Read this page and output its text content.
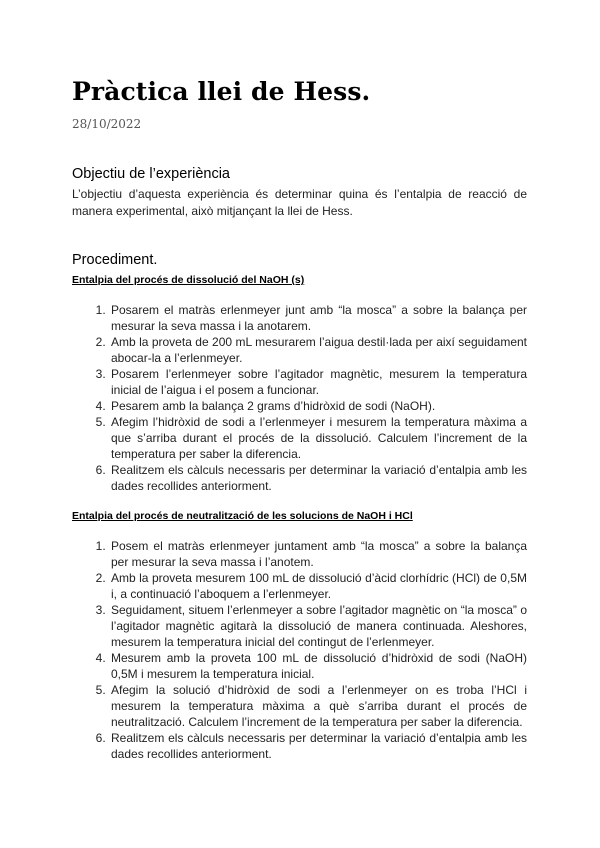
Pràctica llei de Hess.
28/10/2022
Objectiu de l’experiència

L’objectiu d’aquesta experiència és determinar quina és l’entalpia de reacció de manera experimental, això mitjançant la llei de Hess.

Procediment.
Entalpia del procés de dissolució del NaOH (s)
1. Posarem el matràs erlenmeyer junt amb “la mosca” a sobre la balança per mesurar la seva massa i la anotarem.
2. Amb la proveta de 200 mL mesurarem l’aigua destil·lada per així seguidament abocar-la a l’erlenmeyer.
3. Posarem l’erlenmeyer sobre l’agitador magnètic, mesurem la temperatura inicial de l’aigua i el posem a funcionar.
4. Pesarem amb la balança 2 grams d’hidròxid de sodi (NaOH).
5. Afegim l’hidròxid de sodi a l’erlenmeyer i mesurem la temperatura màxima a que s’arriba durant el procés de la dissolució. Calculem l’increment de la temperatura per saber la diferencia.
6. Realitzem els càlculs necessaris per determinar la variació d’entalpia amb les dades recollides anteriorment.
Entalpia del procés de neutralització de les solucions de NaOH i HCl
1. Posem el matràs erlenmeyer juntament amb “la mosca” a sobre la balança per mesurar la seva massa i l’anotem.
2. Amb la proveta mesurem 100 mL de dissolució d’àcid clorhídric (HCl) de 0,5M i, a continuació l’aboquem a l’erlenmeyer.
3. Seguidament, situem l’erlenmeyer a sobre l’agitador magnètic on “la mosca” o l’agitador magnètic agitarà la dissolució de manera continuada. Aleshores, mesurem la temperatura inicial del contingut de l’erlenmeyer.
4. Mesurem amb la proveta 100 mL de dissolució d’hidròxid de sodi (NaOH) 0,5M i mesurem la temperatura inicial.
5. Afegim la solució d’hidròxid de sodi a l’erlenmeyer on es troba l’HCl i mesurem la temperatura màxima a què s’arriba durant el procés de neutralització. Calculem l’increment de la temperatura per saber la diferencia.
6. Realitzem els càlculs necessaris per determinar la variació d’entalpia amb les dades recollides anteriorment.
